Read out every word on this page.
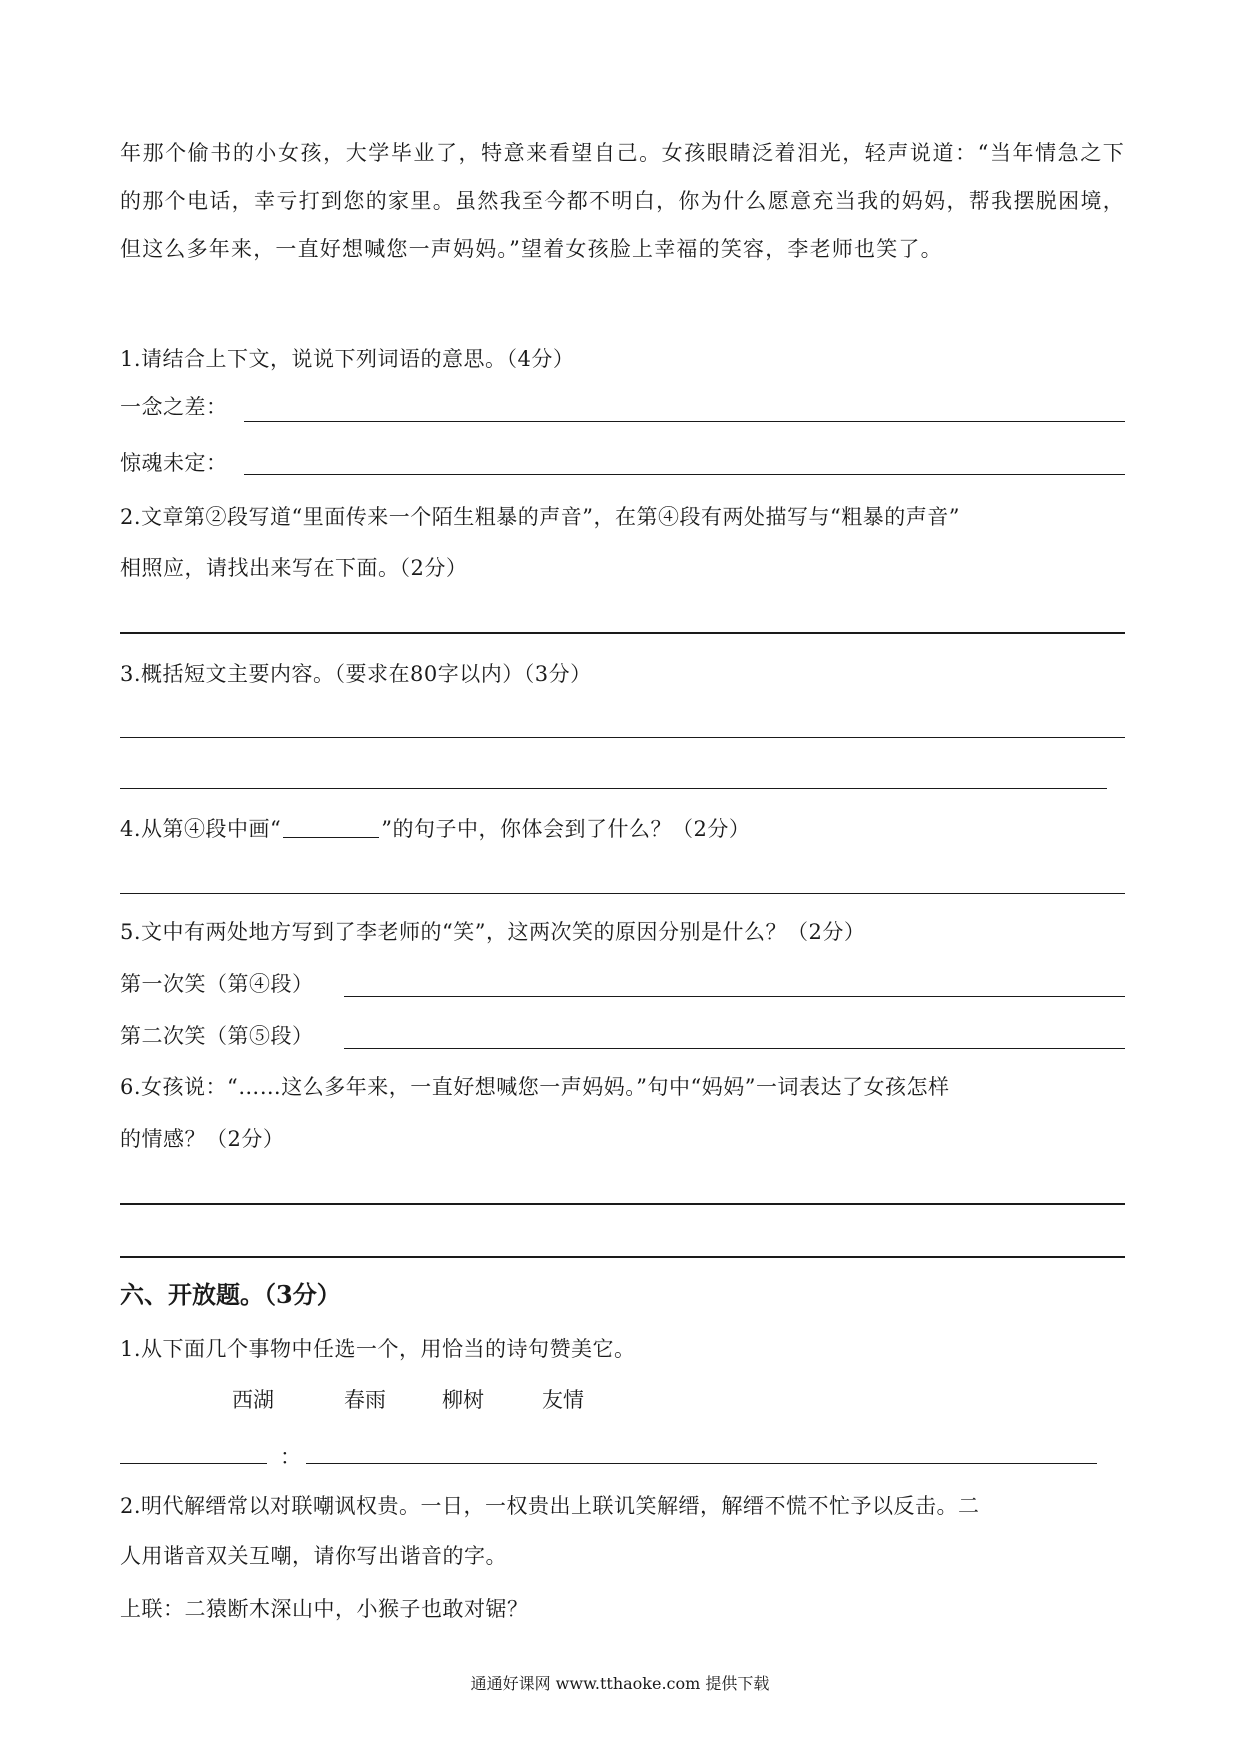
年那个偷书的小女孩，大学毕业了，特意来看望自己。女孩眼睛泛着泪光，轻声说道：“当年情急之下的那个电话，幸亏打到您的家里。虽然我至今都不明白，你为什么愿意充当我的妈妈，帮我摆脱困境，但这么多年来，一直好想喊您一声妈妈。”望着女孩脸上幸福的笑容，李老师也笑了。
1.请结合上下文，说说下列词语的意思。（4分）
一念之差：
惊魂未定：
2.文章第②段写道“里面传来一个陌生粗暴的声音”，在第④段有两处描写与“粗暴的声音”
相照应，请找出来写在下面。（2分）
3.概括短文主要内容。（要求在80字以内）（3分）
4.从第④段中画“	”的句子中，你体会到了什么？（2分）
5.文中有两处地方写到了李老师的“笑”，这两次笑的原因分别是什么？（2分）
第一次笑（第④段）
第二次笑（第⑤段）
6.女孩说：“……这么多年来，一直好想喊您一声妈妈。”句中“妈妈”一词表达了女孩怎样
的情感？（2分）
六、开放题。（3分）
1.从下面几个事物中任选一个，用恰当的诗句赞美它。
西湖	春雨	柳树	友情
：
2.明代解缙常以对联嘲讽权贵。一日，一权贵出上联讥笑解缙，解缙不慌不忙予以反击。二
人用谐音双关互嘲，请你写出谐音的字。
上联：二猿断木深山中，小猴子也敢对锯？
通通好课网 www.tthaoke.com 提供下载
